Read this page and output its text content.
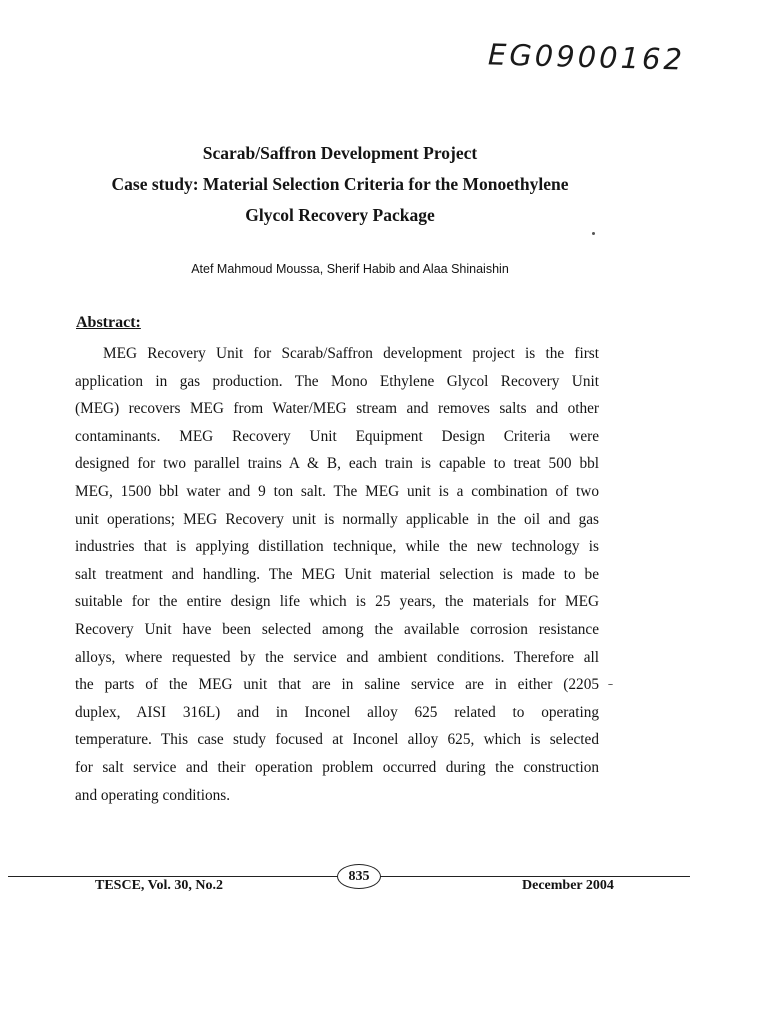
EG0900162
Scarab/Saffron Development Project
Case study: Material Selection Criteria for the Monoethylene
Glycol Recovery Package
Atef Mahmoud Moussa, Sherif Habib and Alaa Shinaishin
Abstract:
MEG Recovery Unit for Scarab/Saffron development project is the first
application in gas production. The Mono Ethylene Glycol Recovery Unit
(MEG) recovers MEG from Water/MEG stream and removes salts and other
contaminants. MEG Recovery Unit Equipment Design Criteria were
designed for two parallel trains A & B, each train is capable to treat 500 bbl
MEG, 1500 bbl water and 9 ton salt. The MEG unit is a combination of two
unit operations; MEG Recovery unit is normally applicable in the oil and gas
industries that is applying distillation technique, while the new technology is
salt treatment and handling. The MEG Unit material selection is made to be
suitable for the entire design life which is 25 years, the materials for MEG
Recovery Unit have been selected among the available corrosion resistance
alloys, where requested by the service and ambient conditions. Therefore all
the parts of the MEG unit that are in saline service are in either (2205
duplex, AISI 316L) and in Inconel alloy 625 related to operating
temperature. This case study focused at Inconel alloy 625, which is selected
for salt service and their operation problem occurred during the construction
and operating conditions.
835
TESCE, Vol. 30, No.2	December 2004
